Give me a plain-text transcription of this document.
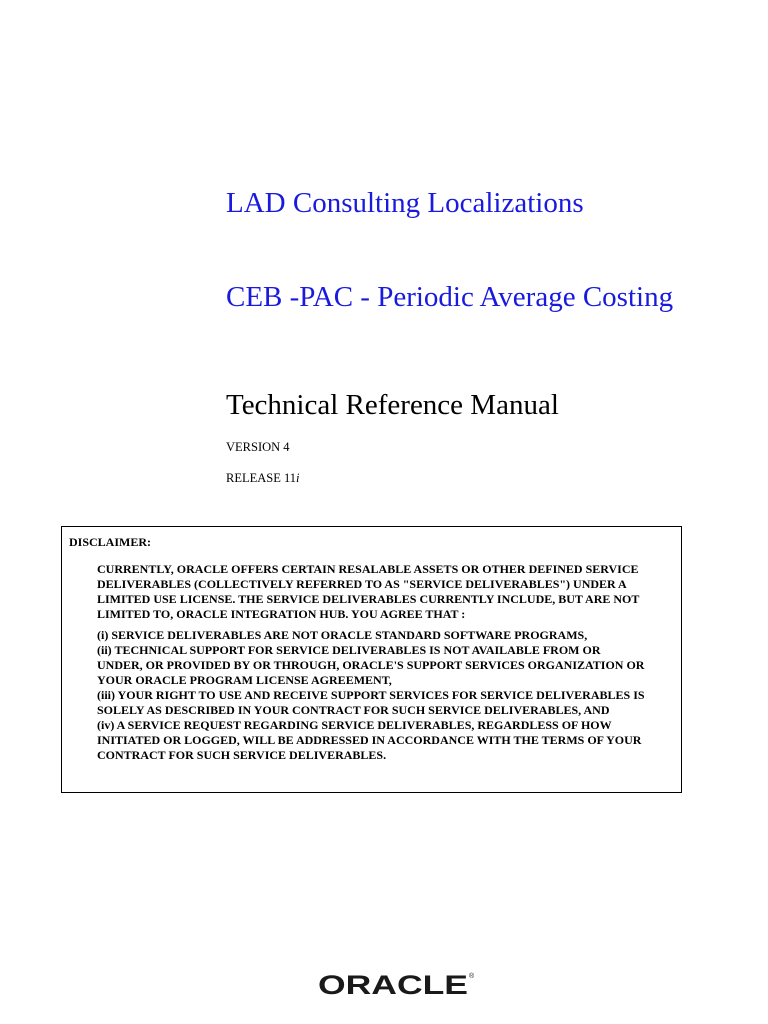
LAD Consulting Localizations
CEB -PAC - Periodic Average Costing
Technical Reference Manual
VERSION 4
RELEASE 11i
DISCLAIMER:
CURRENTLY, ORACLE OFFERS CERTAIN RESALABLE ASSETS OR OTHER DEFINED SERVICE
DELIVERABLES (COLLECTIVELY REFERRED TO AS "SERVICE DELIVERABLES") UNDER A
LIMITED USE LICENSE. THE SERVICE DELIVERABLES CURRENTLY INCLUDE, BUT ARE NOT
LIMITED TO, ORACLE INTEGRATION HUB. YOU AGREE THAT :
(i) SERVICE DELIVERABLES ARE NOT ORACLE STANDARD SOFTWARE PROGRAMS,
(ii) TECHNICAL SUPPORT FOR SERVICE DELIVERABLES IS NOT AVAILABLE FROM OR
UNDER, OR PROVIDED BY OR THROUGH, ORACLE'S SUPPORT SERVICES ORGANIZATION OR
YOUR ORACLE PROGRAM LICENSE AGREEMENT,
(iii) YOUR RIGHT TO USE AND RECEIVE SUPPORT SERVICES FOR SERVICE DELIVERABLES IS
SOLELY AS DESCRIBED IN YOUR CONTRACT FOR SUCH SERVICE DELIVERABLES, AND
(iv) A SERVICE REQUEST REGARDING SERVICE DELIVERABLES, REGARDLESS OF HOW
INITIATED OR LOGGED, WILL BE ADDRESSED IN ACCORDANCE WITH THE TERMS OF YOUR
CONTRACT FOR SUCH SERVICE DELIVERABLES.
ORACLE ®
